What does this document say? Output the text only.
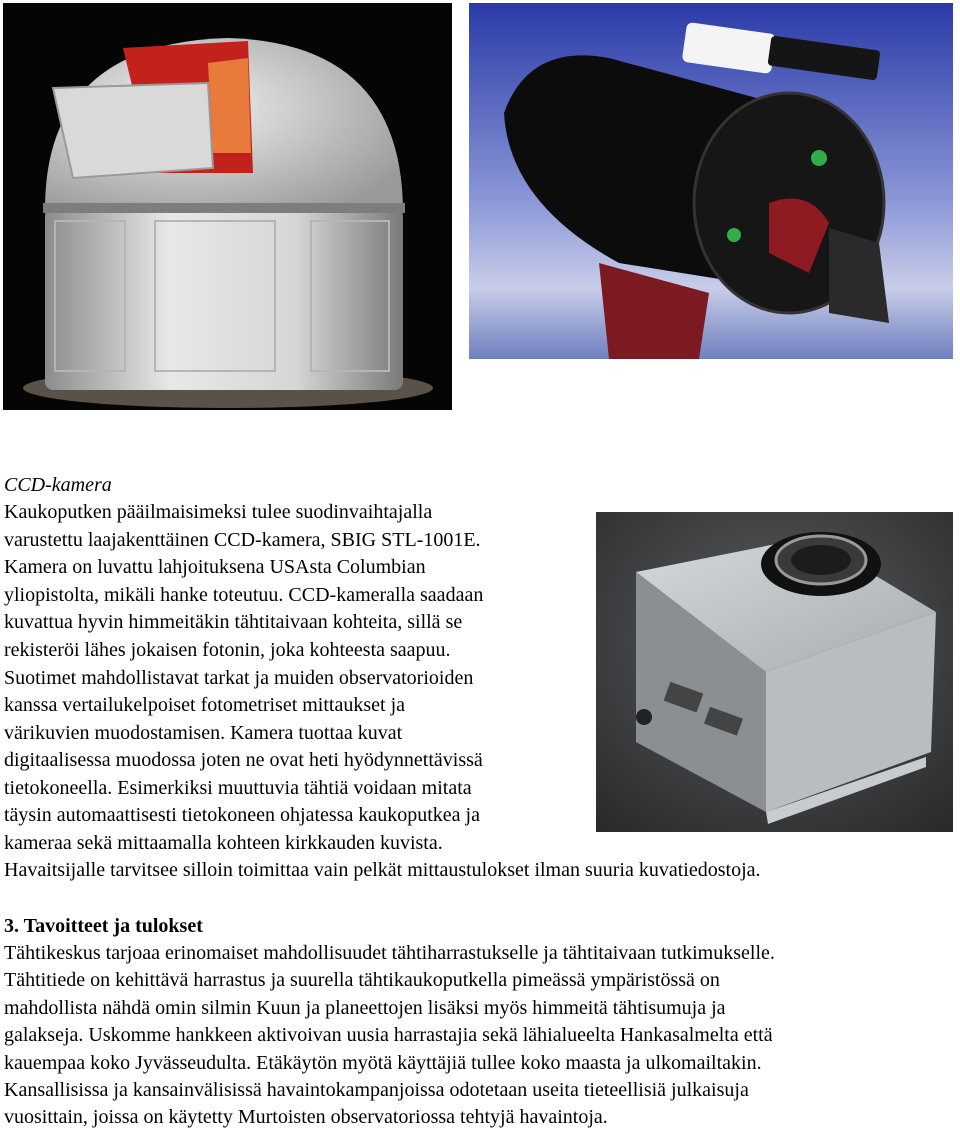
CCD-kamera
Kaukoputken pääilmaisimeksi tulee suodinvaihtajalla
varustettu laajakenttäinen CCD-kamera, SBIG STL-1001E.
Kamera on luvattu lahjoituksena USAsta Columbian
yliopistolta, mikäli hanke toteutuu. CCD-kameralla saadaan
kuvattua hyvin himmeitäkin tähtitaivaan kohteita, sillä se
rekisteröi lähes jokaisen fotonin, joka kohteesta saapuu.
Suotimet mahdollistavat tarkat ja muiden observatorioiden
kanssa vertailukelpoiset fotometriset mittaukset ja
värikuvien muodostamisen. Kamera tuottaa kuvat
digitaalisessa muodossa joten ne ovat heti hyödynnettävissä
tietokoneella. Esimerkiksi muuttuvia tähtiä voidaan mitata
täysin automaattisesti tietokoneen ohjatessa kaukoputkea ja
kameraa sekä mittaamalla kohteen kirkkauden kuvista.
Havaitsijalle tarvitsee silloin toimittaa vain pelkät mittaustulokset ilman suuria kuvatiedostoja.
3. Tavoitteet ja tulokset
Tähtikeskus tarjoaa erinomaiset mahdollisuudet tähtiharrastukselle ja tähtitaivaan tutkimukselle.
Tähtitiede on kehittävä harrastus ja suurella tähtikaukoputkella pimeässä ympäristössä on
mahdollista nähdä omin silmin Kuun ja planeettojen lisäksi myös himmeitä tähtisumuja ja
galakseja. Uskomme hankkeen aktivoivan uusia harrastajia sekä lähialueelta Hankasalmelta että
kauempaa koko Jyvässeudulta. Etäkäytön myötä käyttäjiä tullee koko maasta ja ulkomailtakin.
Kansallisissa ja kansainvälisissä havaintokampanjoissa odotetaan useita tieteellisiä julkaisuja
vuosittain, joissa on käytetty Murtoisten observatoriossa tehtyjä havaintoja.
